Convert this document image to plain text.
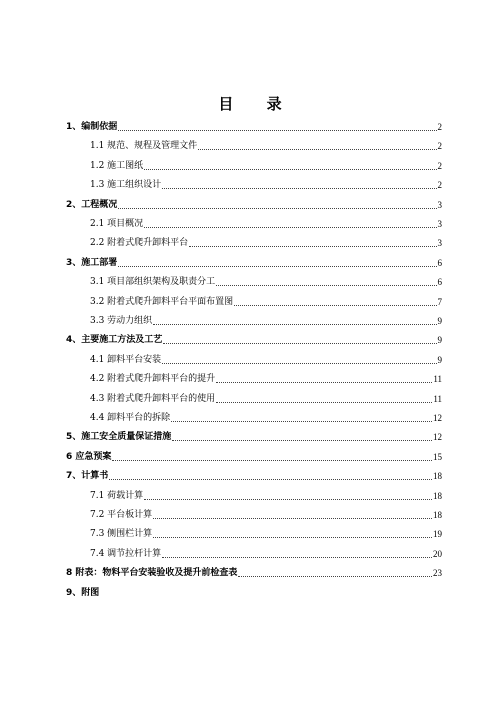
目 录
1、编制依据	2
1.1 规范、规程及管理文件	2
1.2 施工图纸	2
1.3 施工组织设计	2
2、工程概况	3
2.1 项目概况	3
2.2 附着式爬升卸料平台	3
3、施工部署	6
3.1 项目部组织架构及职责分工	6
3.2 附着式爬升卸料平台平面布置图	7
3.3 劳动力组织	9
4、主要施工方法及工艺	9
4.1 卸料平台安装	9
4.2 附着式爬升卸料平台的提升	11
4.3 附着式爬升卸料平台的使用	11
4.4 卸料平台的拆除	12
5、施工安全质量保证措施	12
6 应急预案	15
7、计算书	18
7.1 荷载计算	18
7.2 平台板计算	18
7.3 侧围栏计算	19
7.4 调节拉杆计算	20
8 附表：物料平台安装验收及提升前检查表	23
9、附图
